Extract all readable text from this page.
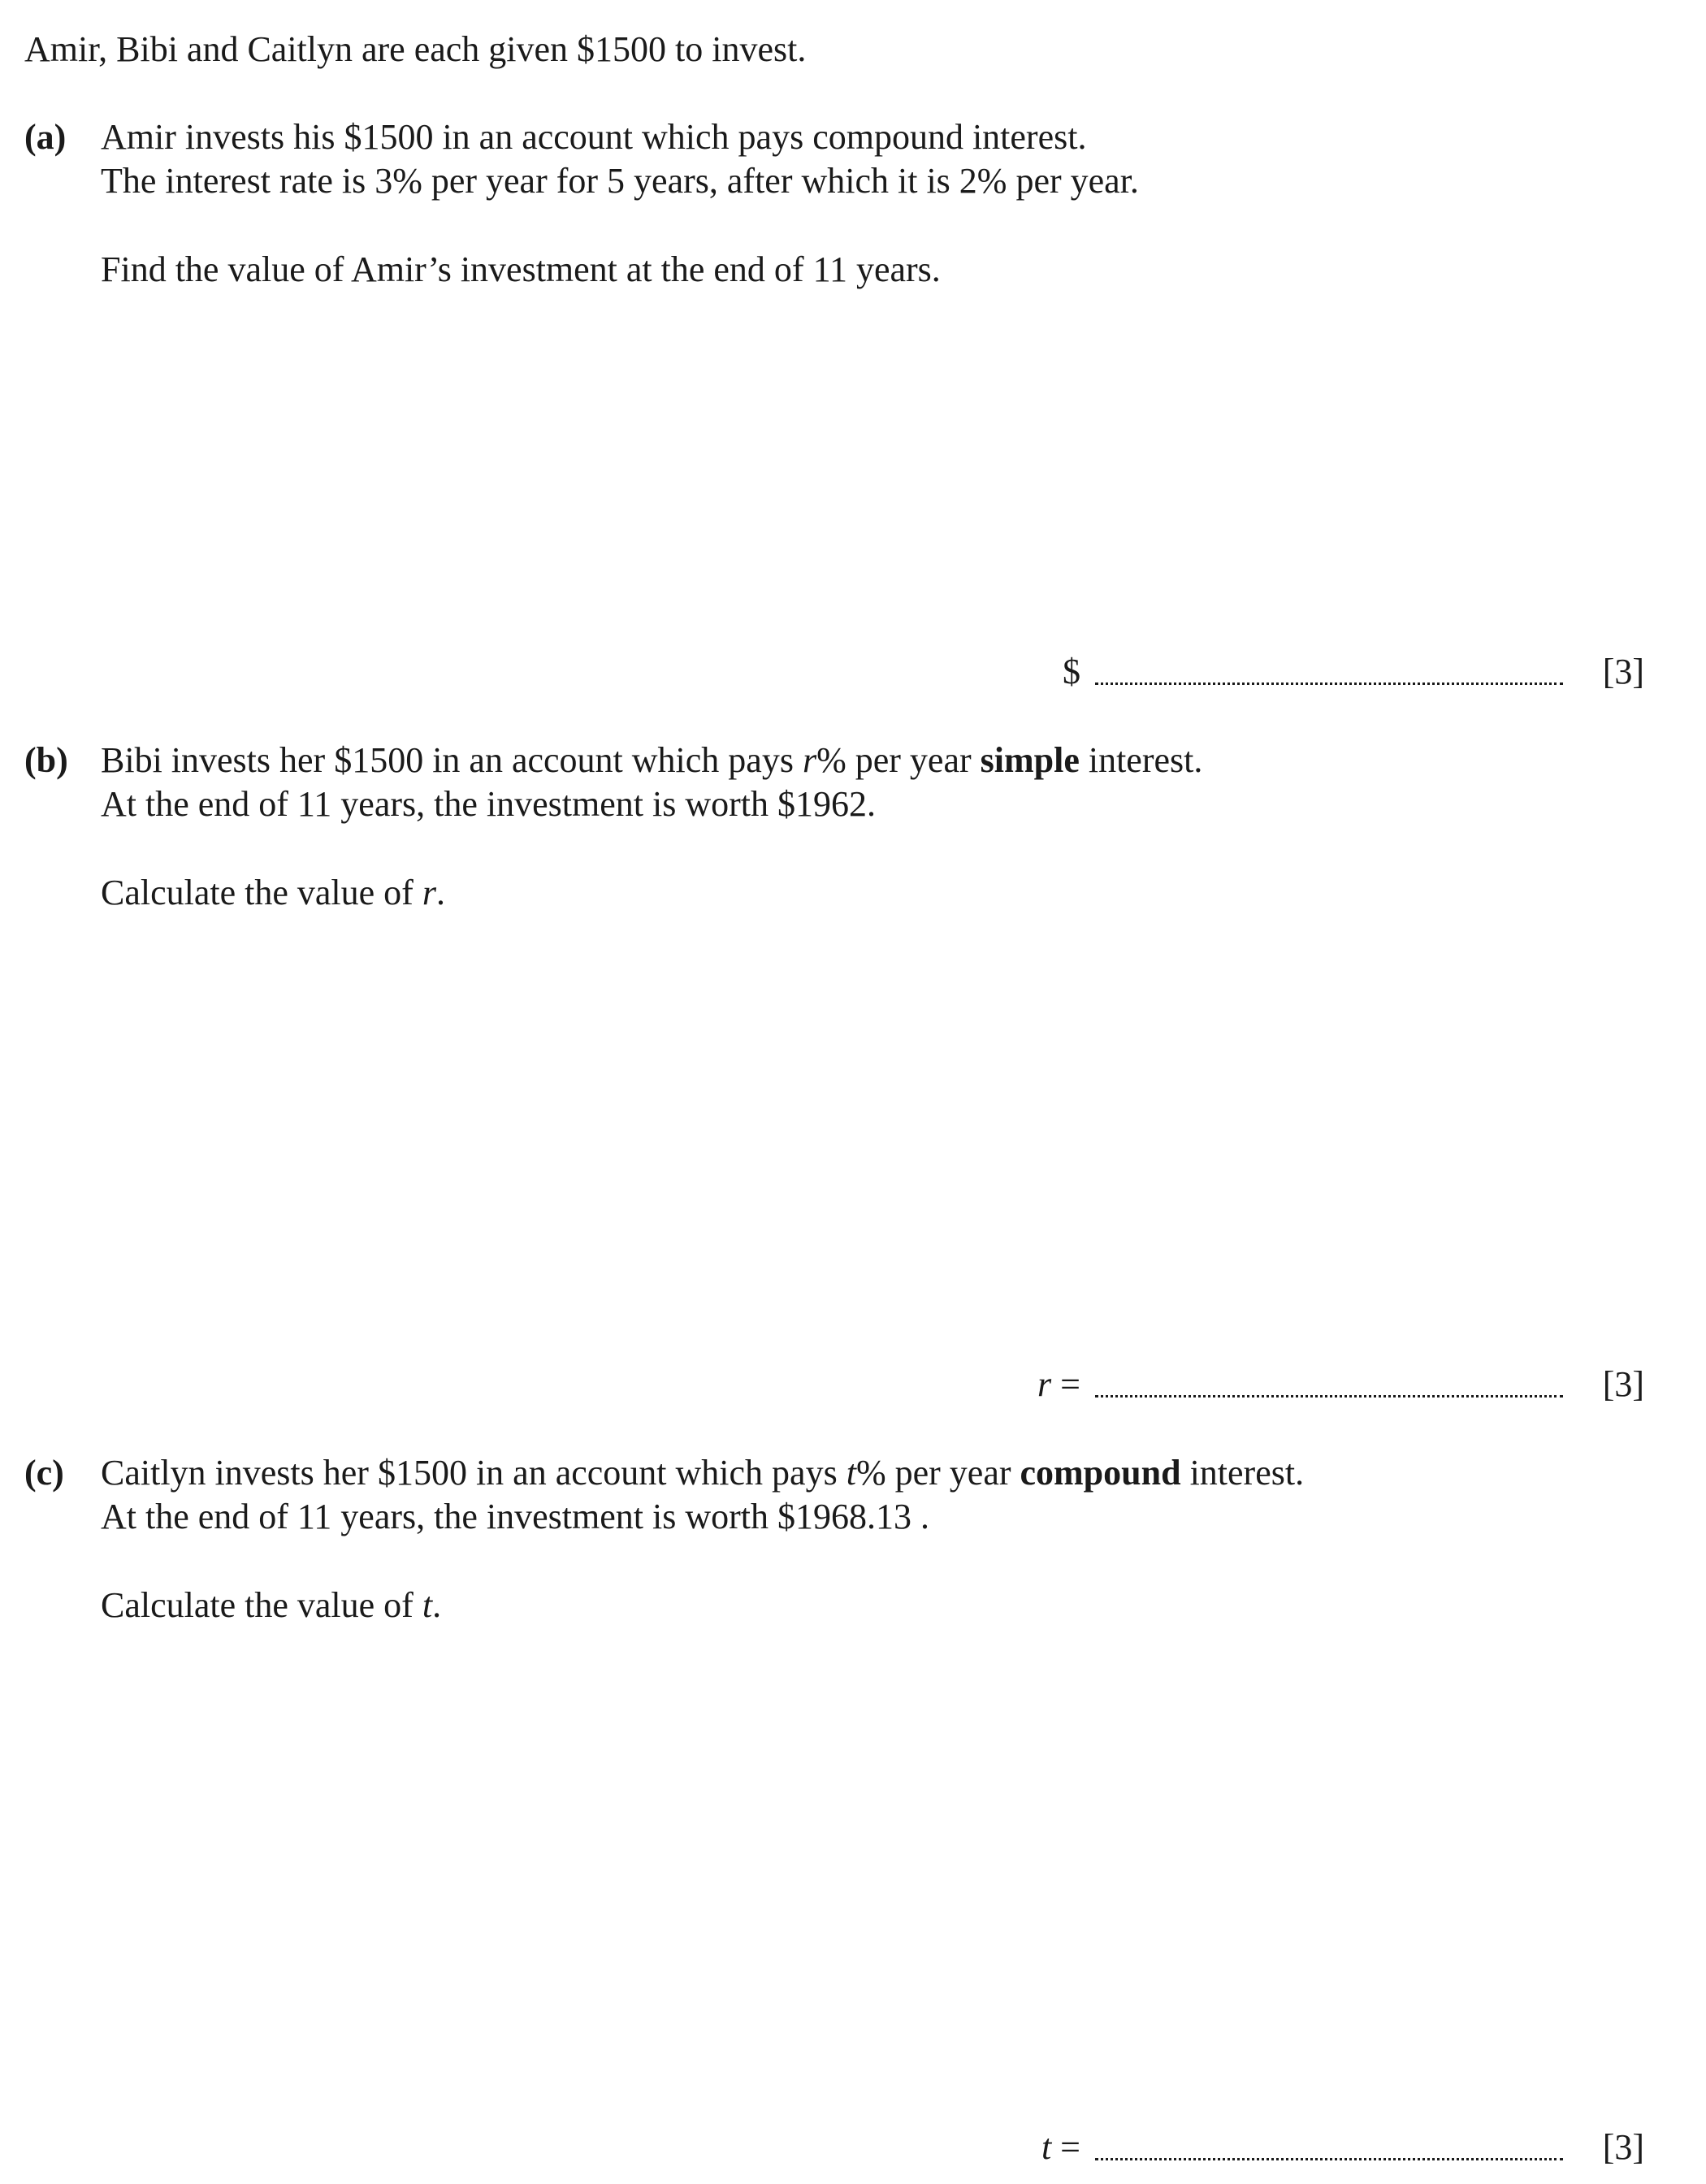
Amir, Bibi and Caitlyn are each given $1500 to invest.
(a) Amir invests his $1500 in an account which pays compound interest.
The interest rate is 3% per year for 5 years, after which it is 2% per year.
Find the value of Amir’s investment at the end of 11 years.
$	[3]
(b) Bibi invests her $1500 in an account which pays r% per year simple interest.
At the end of 11 years, the investment is worth $1962.
Calculate the value of r.
r =	[3]
(c) Caitlyn invests her $1500 in an account which pays t% per year compound interest.
At the end of 11 years, the investment is worth $1968.13 .
Calculate the value of t.
t =	[3]
